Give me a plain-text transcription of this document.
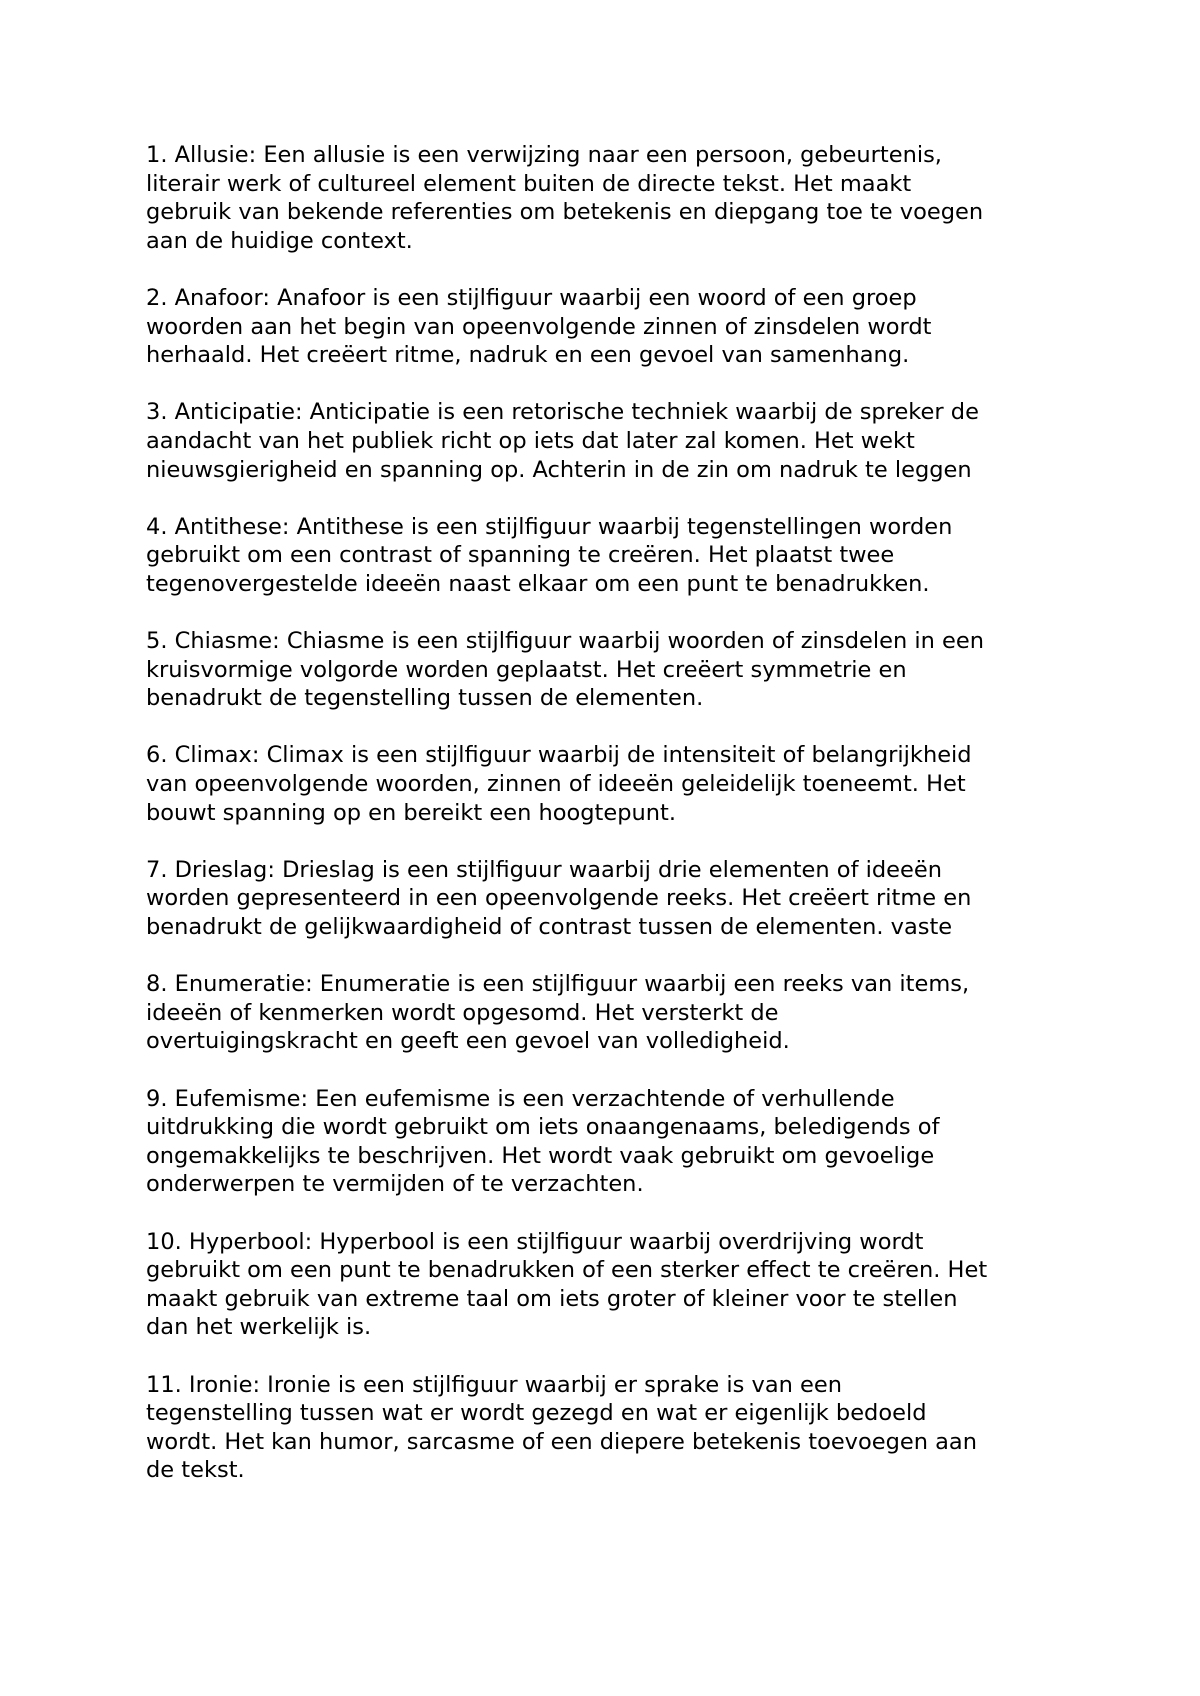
1. Allusie: Een allusie is een verwijzing naar een persoon, gebeurtenis,
literair werk of cultureel element buiten de directe tekst. Het maakt
gebruik van bekende referenties om betekenis en diepgang toe te voegen
aan de huidige context.
2. Anafoor: Anafoor is een stijlfiguur waarbij een woord of een groep
woorden aan het begin van opeenvolgende zinnen of zinsdelen wordt
herhaald. Het creëert ritme, nadruk en een gevoel van samenhang.
3. Anticipatie: Anticipatie is een retorische techniek waarbij de spreker de
aandacht van het publiek richt op iets dat later zal komen. Het wekt
nieuwsgierigheid en spanning op. Achterin in de zin om nadruk te leggen
4. Antithese: Antithese is een stijlfiguur waarbij tegenstellingen worden
gebruikt om een contrast of spanning te creëren. Het plaatst twee
tegenovergestelde ideeën naast elkaar om een punt te benadrukken.
5. Chiasme: Chiasme is een stijlfiguur waarbij woorden of zinsdelen in een
kruisvormige volgorde worden geplaatst. Het creëert symmetrie en
benadrukt de tegenstelling tussen de elementen.
6. Climax: Climax is een stijlfiguur waarbij de intensiteit of belangrijkheid
van opeenvolgende woorden, zinnen of ideeën geleidelijk toeneemt. Het
bouwt spanning op en bereikt een hoogtepunt.
7. Drieslag: Drieslag is een stijlfiguur waarbij drie elementen of ideeën
worden gepresenteerd in een opeenvolgende reeks. Het creëert ritme en
benadrukt de gelijkwaardigheid of contrast tussen de elementen. vaste
8. Enumeratie: Enumeratie is een stijlfiguur waarbij een reeks van items,
ideeën of kenmerken wordt opgesomd. Het versterkt de
overtuigingskracht en geeft een gevoel van volledigheid.
9. Eufemisme: Een eufemisme is een verzachtende of verhullende
uitdrukking die wordt gebruikt om iets onaangenaams, beledigends of
ongemakkelijks te beschrijven. Het wordt vaak gebruikt om gevoelige
onderwerpen te vermijden of te verzachten.
10. Hyperbool: Hyperbool is een stijlfiguur waarbij overdrijving wordt
gebruikt om een punt te benadrukken of een sterker effect te creëren. Het
maakt gebruik van extreme taal om iets groter of kleiner voor te stellen
dan het werkelijk is.
11. Ironie: Ironie is een stijlfiguur waarbij er sprake is van een
tegenstelling tussen wat er wordt gezegd en wat er eigenlijk bedoeld
wordt. Het kan humor, sarcasme of een diepere betekenis toevoegen aan
de tekst.
